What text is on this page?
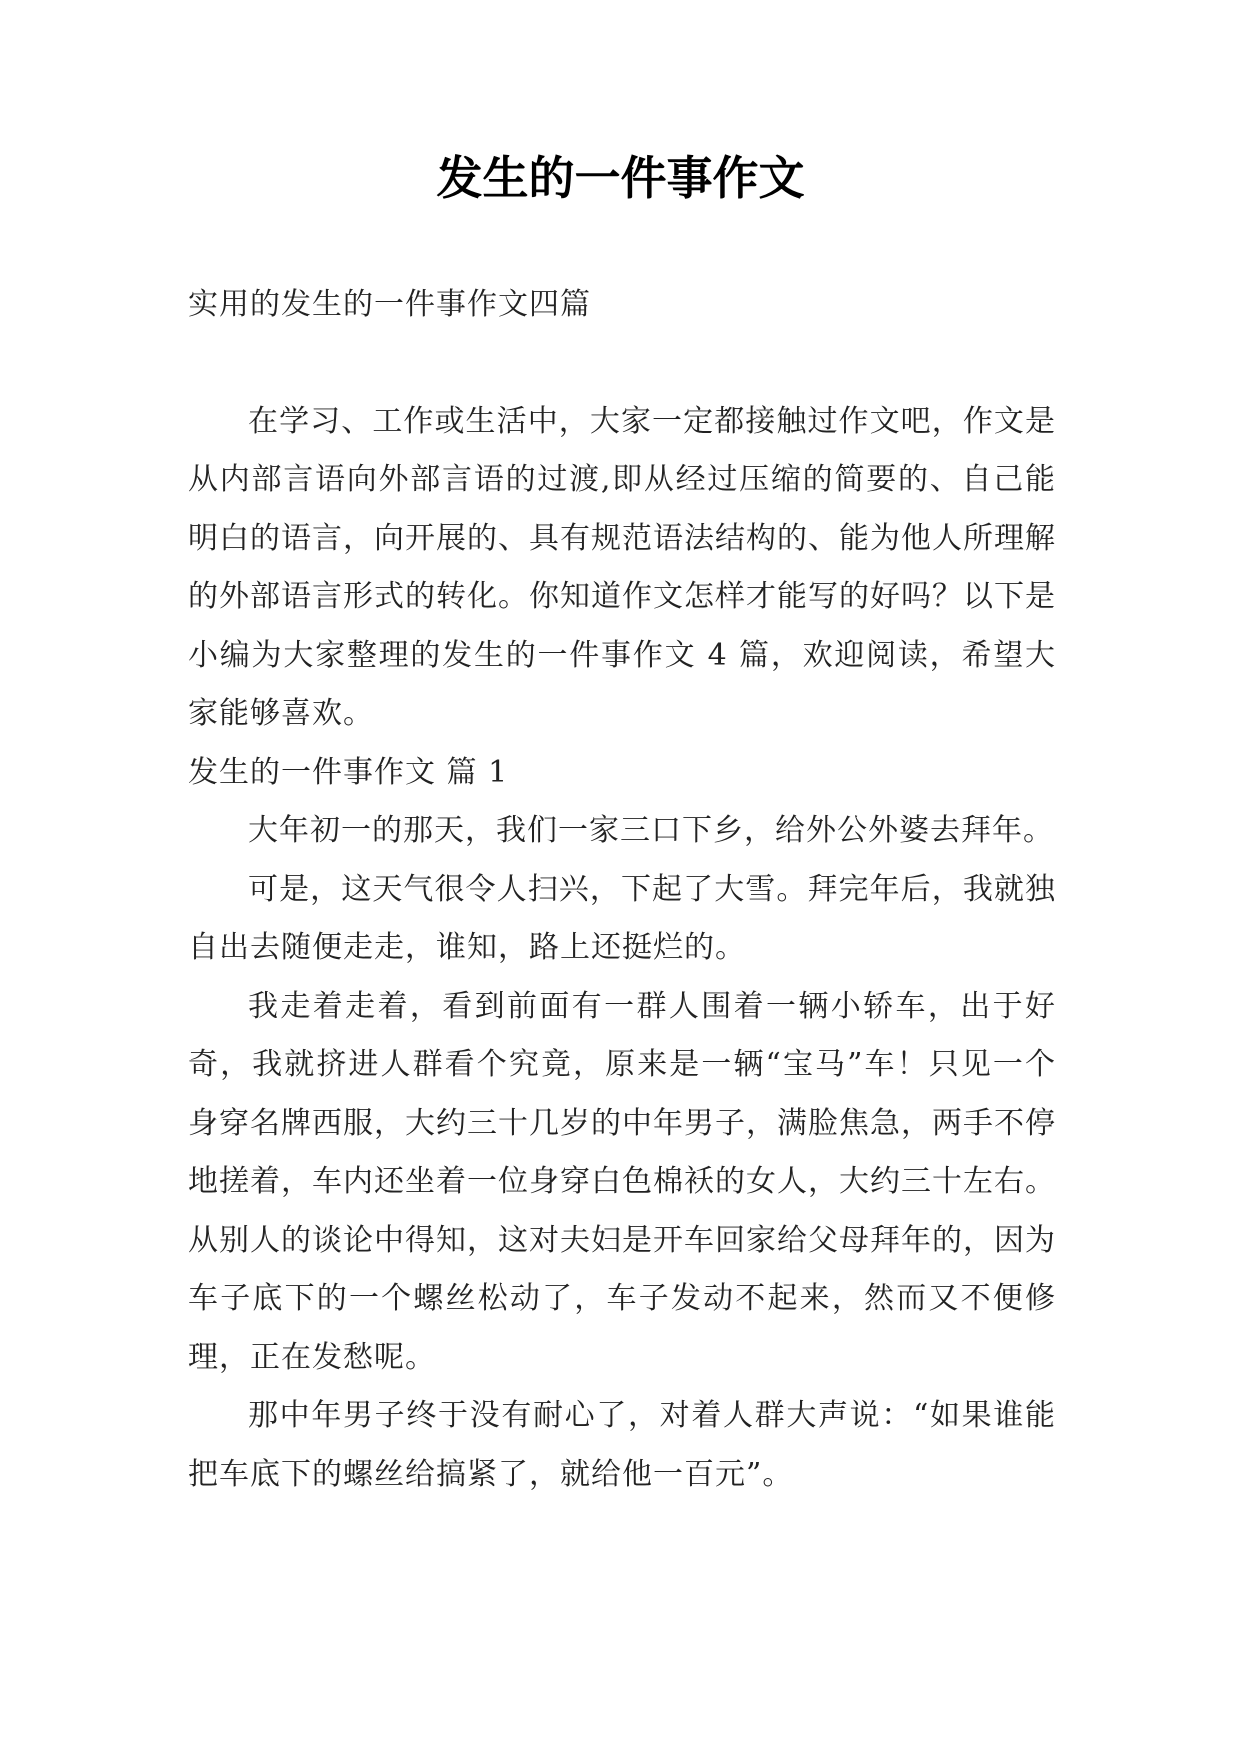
发生的一件事作文

实用的发生的一件事作文四篇

在学习、工作或生活中，大家一定都接触过作文吧，作文是从内部言语向外部言语的过渡,即从经过压缩的简要的、自己能明白的语言，向开展的、具有规范语法结构的、能为他人所理解的外部语言形式的转化。你知道作文怎样才能写的好吗？以下是小编为大家整理的发生的一件事作文 4 篇，欢迎阅读，希望大家能够喜欢。

发生的一件事作文 篇 1

大年初一的那天，我们一家三口下乡，给外公外婆去拜年。

可是，这天气很令人扫兴，下起了大雪。拜完年后，我就独自出去随便走走，谁知，路上还挺烂的。

我走着走着，看到前面有一群人围着一辆小轿车，出于好奇，我就挤进人群看个究竟，原来是一辆“宝马”车！只见一个身穿名牌西服，大约三十几岁的中年男子，满脸焦急，两手不停地搓着，车内还坐着一位身穿白色棉袄的女人，大约三十左右。从别人的谈论中得知，这对夫妇是开车回家给父母拜年的，因为车子底下的一个螺丝松动了，车子发动不起来，然而又不便修理，正在发愁呢。

那中年男子终于没有耐心了，对着人群大声说：“如果谁能把车底下的螺丝给搞紧了，就给他一百元”。
